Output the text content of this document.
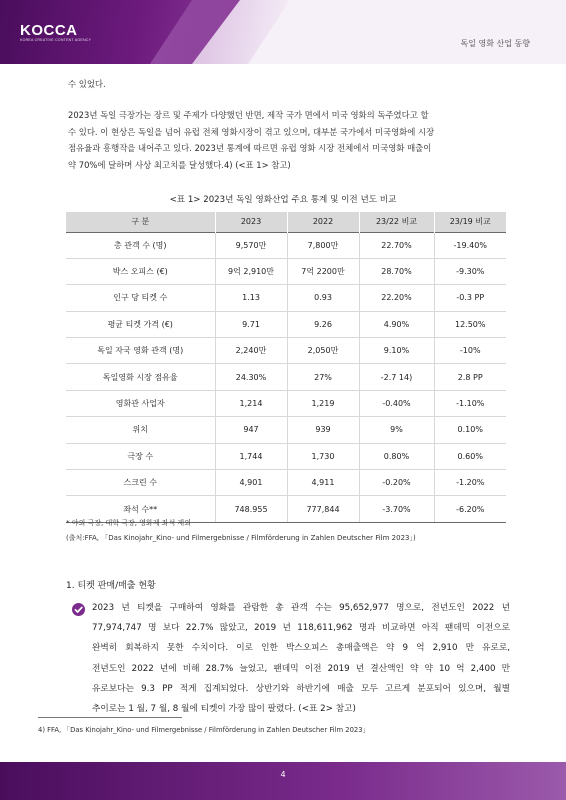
KOCCA
KOREA CREATIVE CONTENT AGENCY	독일 영화 산업 동향
수 있었다.
2023년 독일 극장가는 장르 및 주제가 다양했던 반면, 제작 국가 면에서 미국 영화의 독주였다고 할
수 있다. 이 현상은 독일을 넘어 유럽 전체 영화시장이 겪고 있으며, 대부분 국가에서 미국영화에 시장
점유율과 흥행작을 내어주고 있다. 2023년 통계에 따르면 유럽 영화 시장 전체에서 미국영화 매출이
약 70%에 달하며 사상 최고치를 달성했다.4) (<표 1> 참고)
<표 1> 2023년 독일 영화산업 주요 통계 및 이전 년도 비교
구 분	2023	2022	23/22 비교	23/19 비교
총 관객 수 (명)	9,570만	7,800만	22.70%	-19.40%
박스 오피스 (€)	9억 2,910만	7억 2200만	28.70%	-9.30%
인구 당 티켓 수	1.13	0.93	22.20%	-0.3 PP
평균 티켓 가격 (€)	9.71	9.26	4.90%	12.50%
독일 자국 영화 관객 (명)	2,240만	2,050만	9.10%	-10%
독일영화 시장 점유율	24.30%	27%	-2.7 14)	2.8 PP
영화관 사업자	1,214	1,219	-0.40%	-1.10%
위치	947	939	9%	0.10%
극장 수	1,744	1,730	0.80%	0.60%
스크린 수	4,901	4,911	-0.20%	-1.20%
좌석 수**	748.955	777,844	-3.70%	-6.20%
* 야외 극장, 대학 극장, 영화제 좌석 제외
(출처:FFA, 「Das Kinojahr_Kino- und Filmergebnisse / Filmförderung in Zahlen Deutscher Film 2023」)
1. 티켓 판매/매출 현황
2023 년 티켓을 구매하여 영화를 관람한 총 관객 수는 95,652,977 명으로, 전년도인 2022 년
77,974,747 명 보다 22.7% 많았고, 2019 년 118,611,962 명과 비교하면 아직 팬데믹 이전으로
완벽히 회복하지 못한 수치이다. 이로 인한 박스오피스 총매출액은 약 9 억 2,910 만 유로로,
전년도인 2022 년에 비해 28.7% 늘었고, 팬데믹 이전 2019 년 결산액인 약 약 10 억 2,400 만
유로보다는 9.3 PP 적게 집계되었다. 상반기와 하반기에 매출 모두 고르게 분포되어 있으며, 월별
추이로는 1 월, 7 월, 8 월에 티켓이 가장 많이 팔렸다. (<표 2> 참고)
4) FFA, 「Das Kinojahr_Kino- und Filmergebnisse / Filmförderung in Zahlen Deutscher Film 2023」
4
